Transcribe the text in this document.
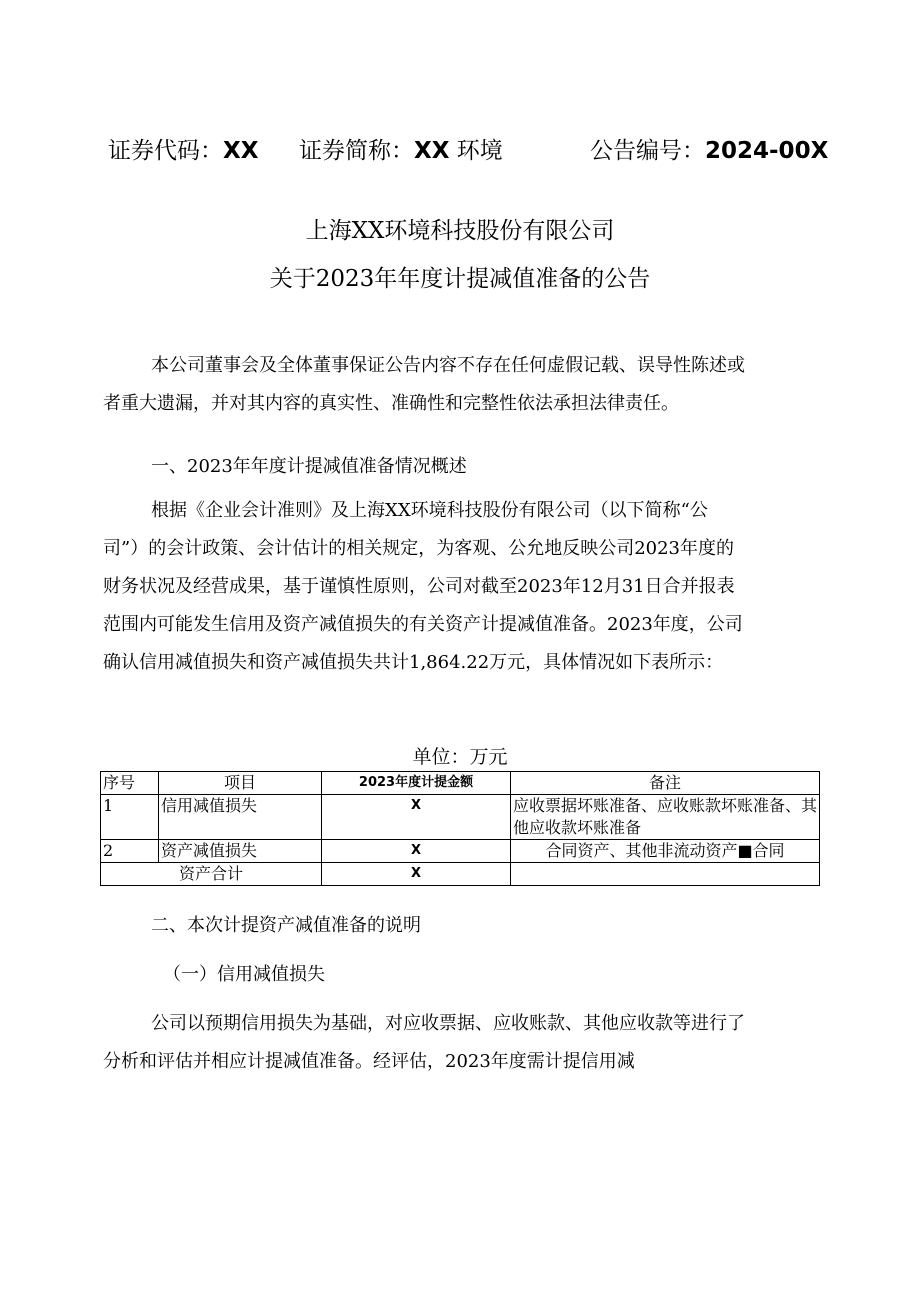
证券代码：XX 证券简称：XX 环境	公告编号：2024-00X
上海XX环境科技股份有限公司
关于2023年年度计提减值准备的公告
本公司董事会及全体董事保证公告内容不存在任何虚假记载、误导性陈述或
者重大遗漏，并对其内容的真实性、准确性和完整性依法承担法律责任。
一、2023年年度计提减值准备情况概述
根据《企业会计准则》及上海XX环境科技股份有限公司（以下简称“公
司”）的会计政策、会计估计的相关规定，为客观、公允地反映公司2023年度的
财务状况及经营成果，基于谨慎性原则，公司对截至2023年12月31日合并报表
范围内可能发生信用及资产减值损失的有关资产计提减值准备。2023年度，公司
确认信用减值损失和资产减值损失共计1,864.22万元，具体情况如下表所示：
单位：万元
序号	项目	2023年度计提金额	备注
1	信用减值损失	X	应收票据坏账准备、应收账款坏账准备、其他应收款坏账准备
2	资产减值损失	X	合同资产、其他非流动资产■合同
资产合计		X	
二、本次计提资产减值准备的说明
（一）信用减值损失
公司以预期信用损失为基础，对应收票据、应收账款、其他应收款等进行了
分析和评估并相应计提减值准备。经评估，2023年度需计提信用减
